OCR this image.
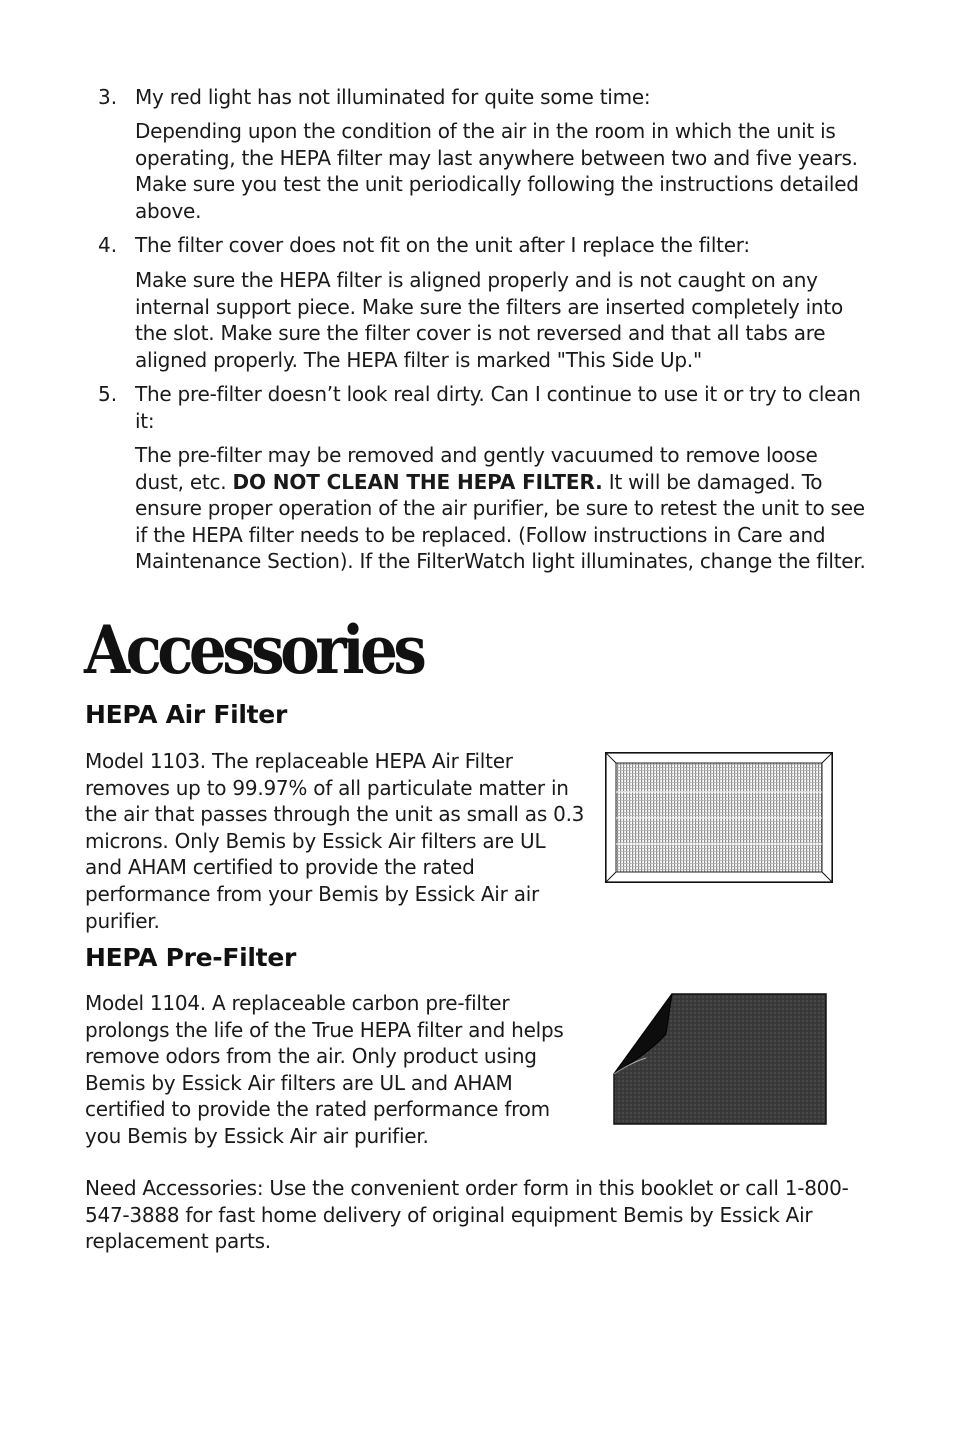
3. My red light has not illuminated for quite some time:
Depending upon the condition of the air in the room in which the unit is operating, the HEPA filter may last anywhere between two and five years. Make sure you test the unit periodically following the instructions detailed above.
4. The filter cover does not fit on the unit after I replace the filter:
Make sure the HEPA filter is aligned properly and is not caught on any internal support piece. Make sure the filters are inserted completely into the slot. Make sure the filter cover is not reversed and that all tabs are aligned properly. The HEPA filter is marked "This Side Up."
5. The pre-filter doesn’t look real dirty. Can I continue to use it or try to clean it:
The pre-filter may be removed and gently vacuumed to remove loose dust, etc. DO NOT CLEAN THE HEPA FILTER. It will be damaged. To ensure proper operation of the air purifier, be sure to retest the unit to see if the HEPA filter needs to be replaced. (Follow instructions in Care and Maintenance Section). If the FilterWatch light illuminates, change the filter.
Accessories
HEPA Air Filter
Model 1103. The replaceable HEPA Air Filter removes up to 99.97% of all particulate matter in the air that passes through the unit as small as 0.3 microns. Only Bemis by Essick Air filters are UL and AHAM certified to provide the rated performance from your Bemis by Essick Air air purifier.
HEPA Pre-Filter
Model 1104. A replaceable carbon pre-filter prolongs the life of the True HEPA filter and helps remove odors from the air. Only product using Bemis by Essick Air filters are UL and AHAM certified to provide the rated performance from you Bemis by Essick Air air purifier.
Need Accessories: Use the convenient order form in this booklet or call 1-800-547-3888 for fast home delivery of original equipment Bemis by Essick Air replacement parts.
